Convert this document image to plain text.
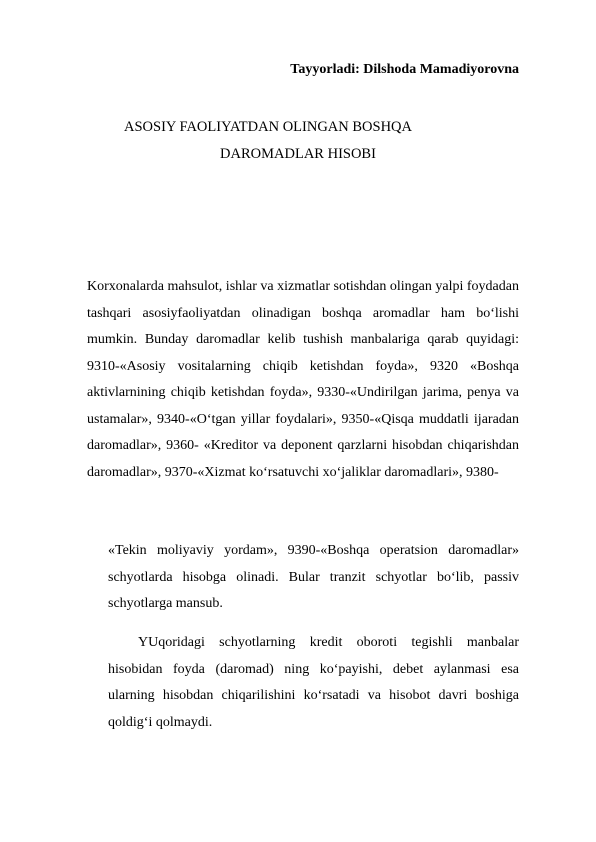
Tayyorladi: Dilshoda Mamadiyorovna
ASOSIY FAOLIYATDAN OLINGAN BOSHQA
DAROMADLAR HISOBI
Korxonalarda mahsulot, ishlar va xizmatlar sotishdan olingan yalpi foydadan tashqari asosiyfaoliyatdan olinadigan boshqa aromadlar ham bo‘lishi mumkin. Bunday daromadlar kelib tushish manbalariga qarab quyidagi: 9310-«Asosiy vositalarning chiqib ketishdan foyda», 9320 «Boshqa aktivlarnining chiqib ketishdan foyda», 9330-«Undirilgan jarima, penya va ustamalar», 9340-«O‘tgan yillar foydalari», 9350-«Qisqa muddatli ijaradan daromadlar», 9360- «Kreditor va deponent qarzlarni hisobdan chiqarishdan daromadlar», 9370-«Xizmat ko‘rsatuvchi xo‘jaliklar daromadlari», 9380-
«Tekin moliyaviy yordam», 9390-«Boshqa operatsion daromadlar» schyotlarda hisobga olinadi. Bular tranzit schyotlar bo‘lib, passiv schyotlarga mansub.
YUqoridagi schyotlarning kredit oboroti tegishli manbalar hisobidan foyda (daromad) ning ko‘payishi, debet aylanmasi esa ularning hisobdan chiqarilishini ko‘rsatadi va hisobot davri boshiga qoldig‘i qolmaydi.
